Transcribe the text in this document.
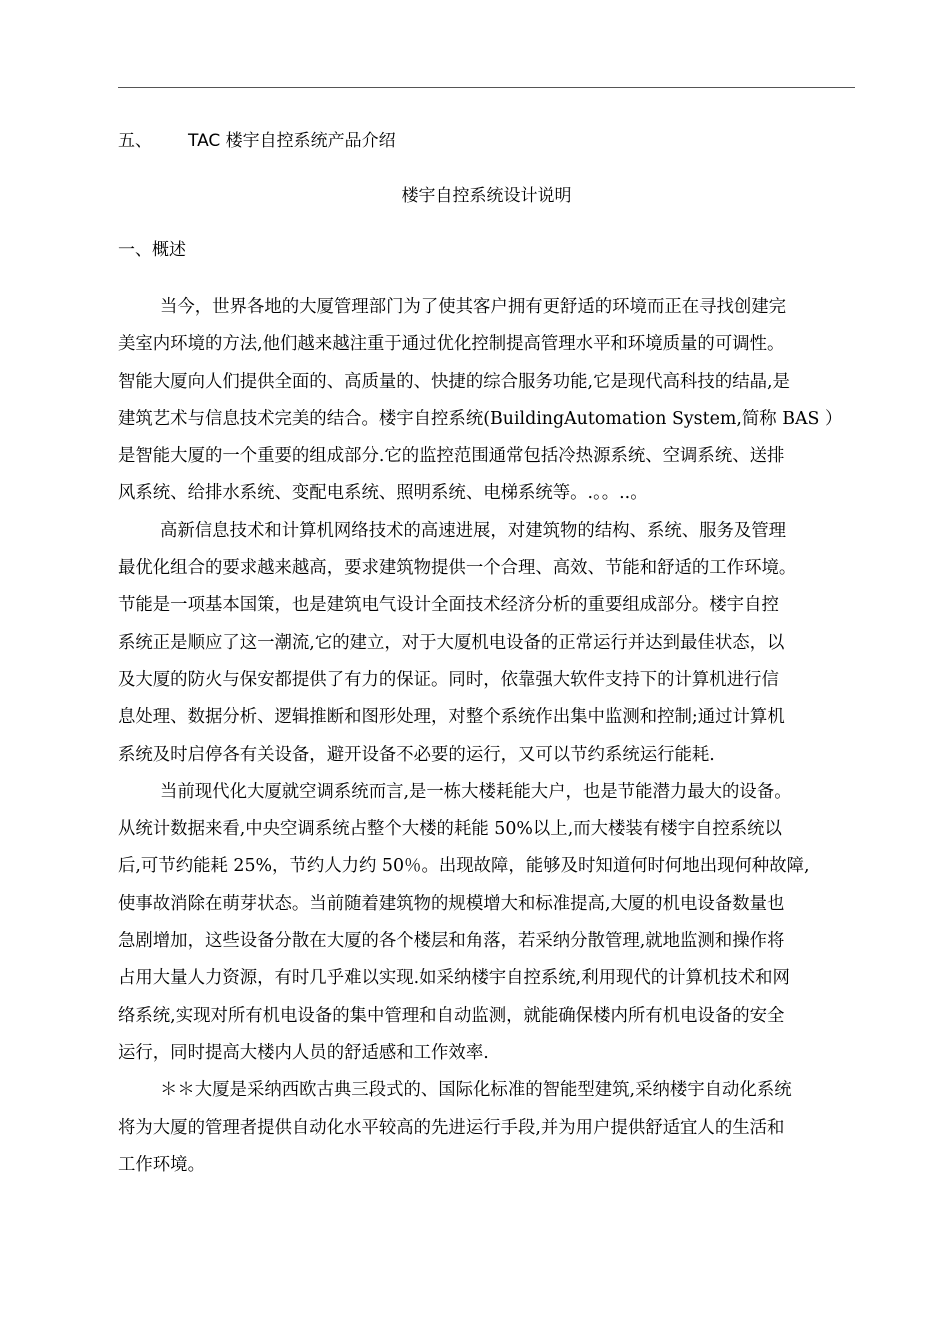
五、 TAC 楼宇自控系统产品介绍
楼宇自控系统设计说明
一、概述

当今，世界各地的大厦管理部门为了使其客户拥有更舒适的环境而正在寻找创建完
美室内环境的方法,他们越来越注重于通过优化控制提高管理水平和环境质量的可调性。
智能大厦向人们提供全面的、高质量的、快捷的综合服务功能,它是现代高科技的结晶,是
建筑艺术与信息技术完美的结合。楼宇自控系统(BuildingAutomation System,简称 BAS ）
是智能大厦的一个重要的组成部分.它的监控范围通常包括冷热源系统、空调系统、送排
风系统、给排水系统、变配电系统、照明系统、电梯系统等。.。。..。

高新信息技术和计算机网络技术的高速进展，对建筑物的结构、系统、服务及管理
最优化组合的要求越来越高，要求建筑物提供一个合理、高效、节能和舒适的工作环境。
节能是一项基本国策，也是建筑电气设计全面技术经济分析的重要组成部分。楼宇自控
系统正是顺应了这一潮流,它的建立，对于大厦机电设备的正常运行并达到最佳状态，以
及大厦的防火与保安都提供了有力的保证。同时，依靠强大软件支持下的计算机进行信
息处理、数据分析、逻辑推断和图形处理，对整个系统作出集中监测和控制;通过计算机
系统及时启停各有关设备，避开设备不必要的运行，又可以节约系统运行能耗.

当前现代化大厦就空调系统而言,是一栋大楼耗能大户，也是节能潜力最大的设备。
从统计数据来看,中央空调系统占整个大楼的耗能 50%以上,而大楼装有楼宇自控系统以
后,可节约能耗 25%，节约人力约 50％。出现故障，能够及时知道何时何地出现何种故障,
使事故消除在萌芽状态。当前随着建筑物的规模增大和标准提高,大厦的机电设备数量也
急剧增加，这些设备分散在大厦的各个楼层和角落，若采纳分散管理,就地监测和操作将
占用大量人力资源，有时几乎难以实现.如采纳楼宇自控系统,利用现代的计算机技术和网
络系统,实现对所有机电设备的集中管理和自动监测，就能确保楼内所有机电设备的安全
运行，同时提高大楼内人员的舒适感和工作效率.

＊＊大厦是采纳西欧古典三段式的、国际化标准的智能型建筑,采纳楼宇自动化系统
将为大厦的管理者提供自动化水平较高的先进运行手段,并为用户提供舒适宜人的生活和
工作环境。
